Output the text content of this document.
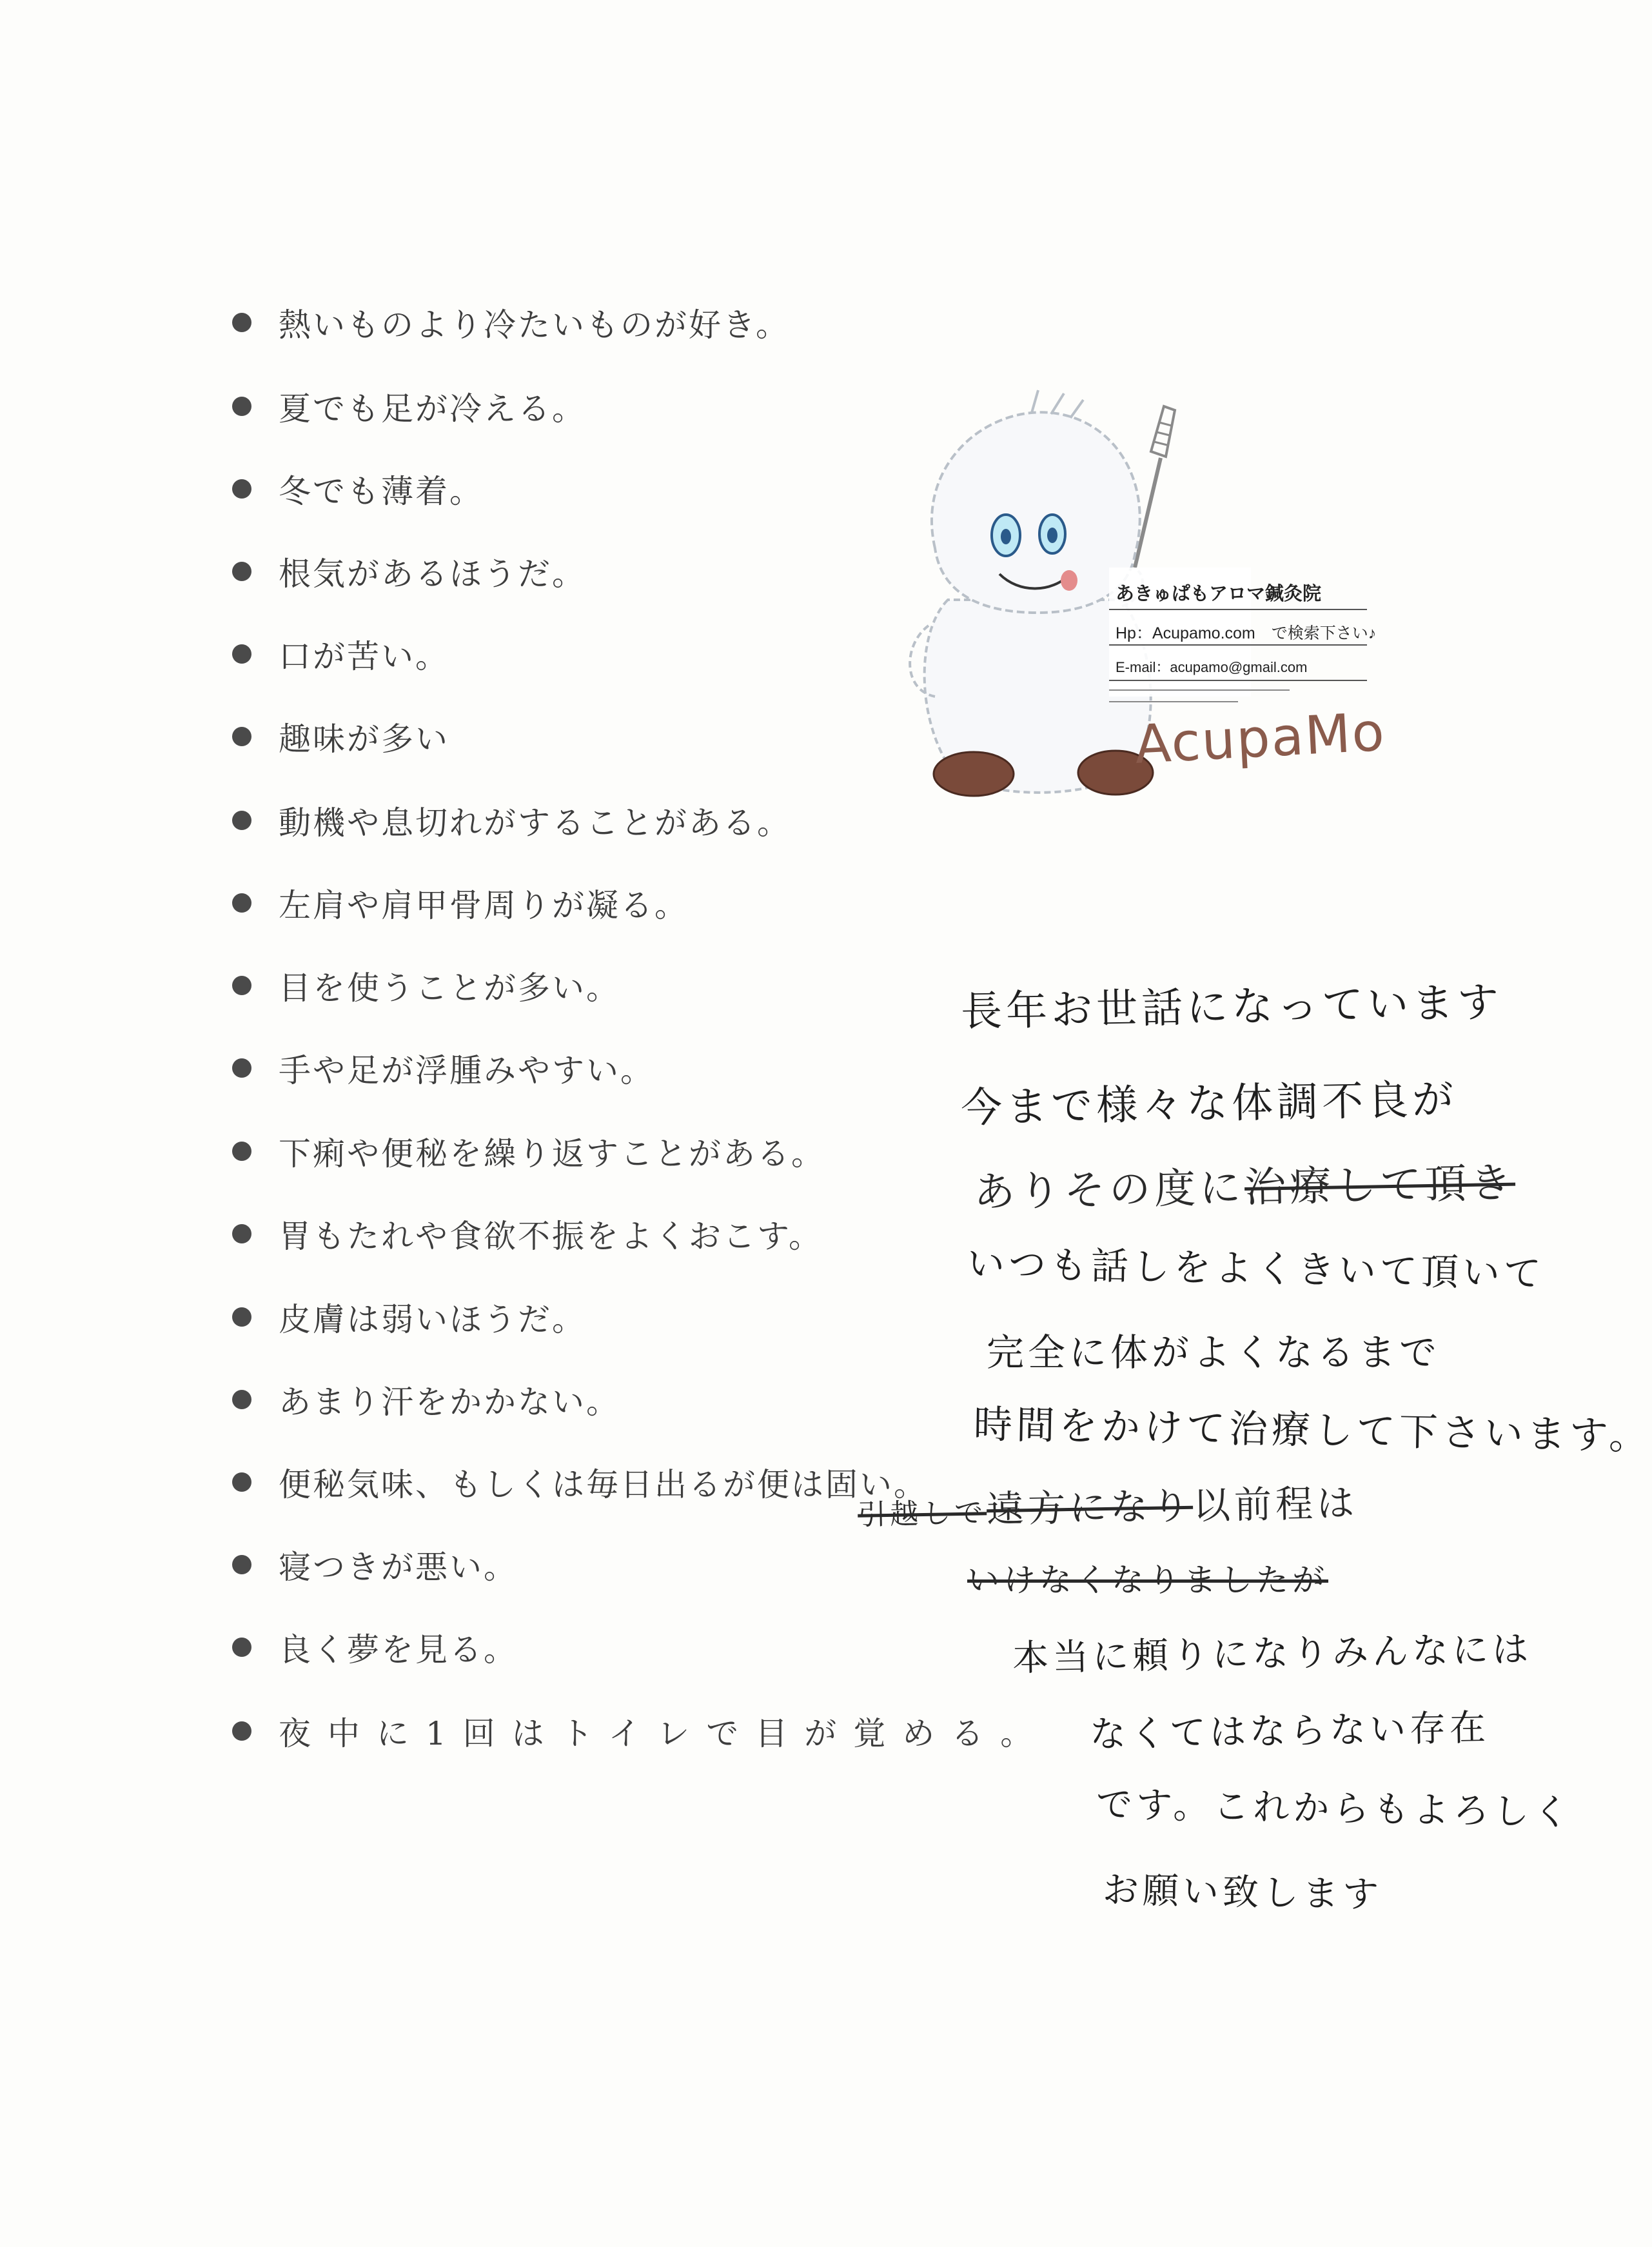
熱いものより冷たいものが好き。
夏でも足が冷える。
冬でも薄着。
根気があるほうだ。
口が苦い。
趣味が多い
動機や息切れがすることがある。
左肩や肩甲骨周りが凝る。
目を使うことが多い。
手や足が浮腫みやすい。
下痢や便秘を繰り返すことがある。
胃もたれや食欲不振をよくおこす。
皮膚は弱いほうだ。
あまり汗をかかない。
便秘気味、もしくは毎日出るが便は固い。
寝つきが悪い。
良く夢を見る。
夜中に1回はトイレで目が覚める。
あきゅぱもアロマ鍼灸院
Hp：Acupamo.com　で検索下さい♪
E-mail：acupamo@gmail.com
AcupaMo
長年お世話になっています
今まで様々な体調不良が
ありその度に治療して頂き
いつも話しをよくきいて頂いて
完全に体がよくなるまで
時間をかけて治療して下さいます。
引越しで遠方になり以前程は
いけなくなりましたが
本当に頼りになりみんなには
なくてはならない存在
です。これからもよろしく
お願い致します
